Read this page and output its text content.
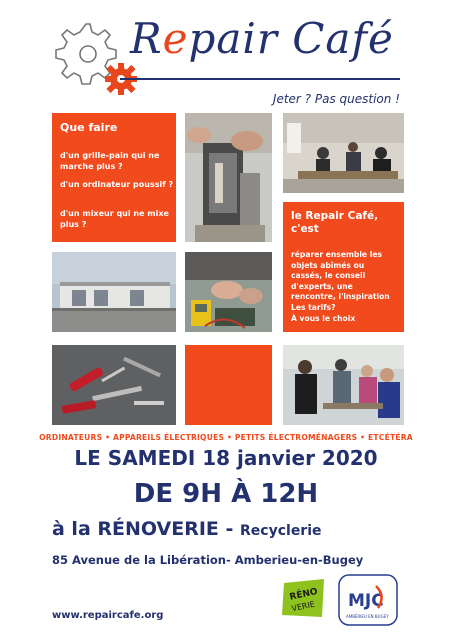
Repair Café
Jeter ? Pas question !
Que faire
d'un grille-pain qui ne marche plus ?
d'un ordinateur poussif ?
d'un mixeur qui ne mixe plus ?
le Repair Café, c'est
réparer ensemble les objets abîmés ou cassés, le conseil d'experts, une rencontre, l'inspiration
Les tarifs?
À vous le choix
ORDINATEURS • APPAREILS ÉLECTRIQUES • PETITS ÉLECTROMÉNAGERS • ETCÉTÉRA
LE SAMEDI 18 janvier 2020
DE 9H À 12H
à la RÉNOVERIE - Recyclerie
85 Avenue de la Libération- Amberieu-en-Bugey
www.repaircafe.org
RÉNO
VERIE MJC
AMBÉRIEU EN BUGEY
